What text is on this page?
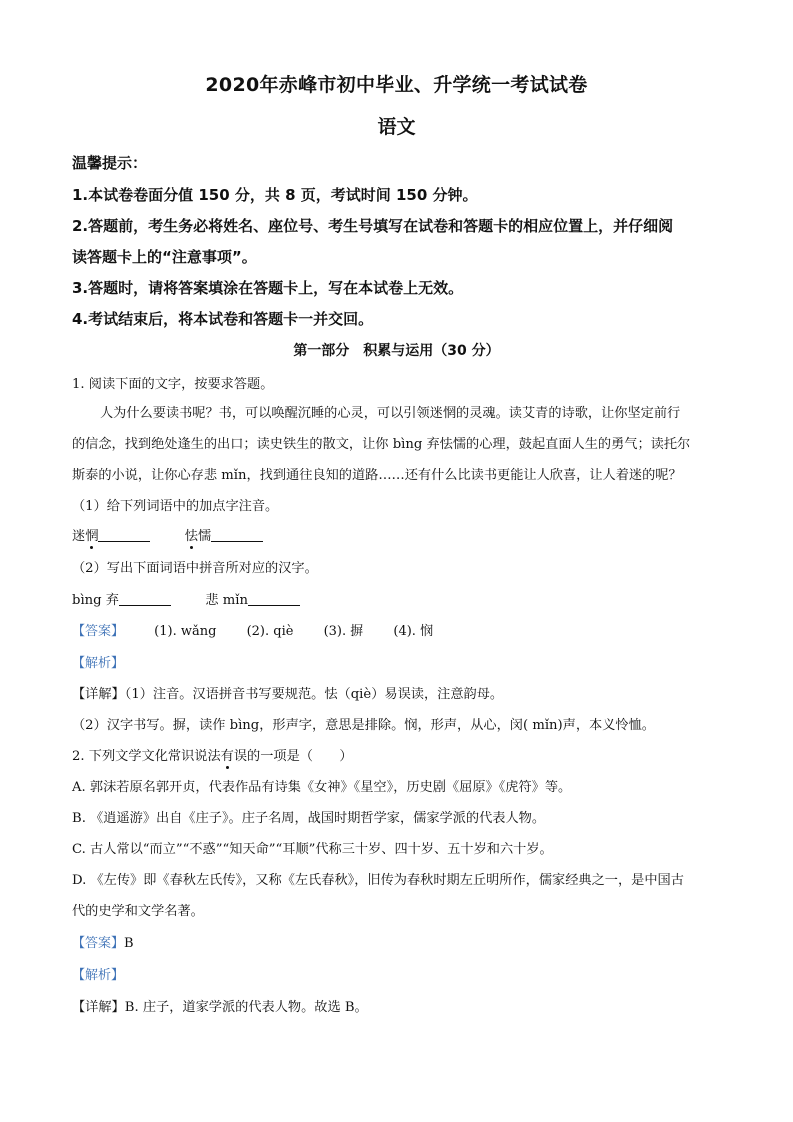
2020年赤峰市初中毕业、升学统一考试试卷
语文
温馨提示：
1.本试卷卷面分值 150 分，共 8 页，考试时间 150 分钟。
2.答题前，考生务必将姓名、座位号、考生号填写在试卷和答题卡的相应位置上，并仔细阅
读答题卡上的“注意事项”。
3.答题时，请将答案填涂在答题卡上，写在本试卷上无效。
4.考试结束后，将本试卷和答题卡一并交回。
第一部分　积累与运用（30 分）
1. 阅读下面的文字，按要求答题。
人为什么要读书呢？书，可以唤醒沉睡的心灵，可以引领迷惘的灵魂。读艾青的诗歌，让你坚定前行
的信念，找到绝处逢生的出口；读史铁生的散文，让你 bìng 弃怯懦的心理，鼓起直面人生的勇气；读托尔
斯泰的小说，让你心存悲 mǐn，找到通往良知的道路……还有什么比读书更能让人欣喜，让人着迷的呢？
（1）给下列词语中的加点字注音。
迷惘	怯懦
（2）写出下面词语中拼音所对应的汉字。
bìng 弃	悲 mǐn
【答案】 (1). wǎng (2). qiè (3). 摒 (4). 悯
【解析】
【详解】（1）注音。汉语拼音书写要规范。怯（qiè）易误读，注意韵母。
（2）汉字书写。摒，读作 bìng，形声字，意思是排除。悯，形声，从心，闵( mǐn)声，本义怜恤。
2. 下列文学文化常识说法有误的一项是（　　）
A. 郭沫若原名郭开贞，代表作品有诗集《女神》《星空》，历史剧《屈原》《虎符》等。
B. 《逍遥游》出自《庄子》。庄子名周，战国时期哲学家，儒家学派的代表人物。
C. 古人常以“而立”“不惑”“知天命”“耳顺”代称三十岁、四十岁、五十岁和六十岁。
D. 《左传》即《春秋左氏传》，又称《左氏春秋》，旧传为春秋时期左丘明所作，儒家经典之一，是中国古
代的史学和文学名著。
【答案】B
【解析】
【详解】B. 庄子，道家学派的代表人物。故选 B。
